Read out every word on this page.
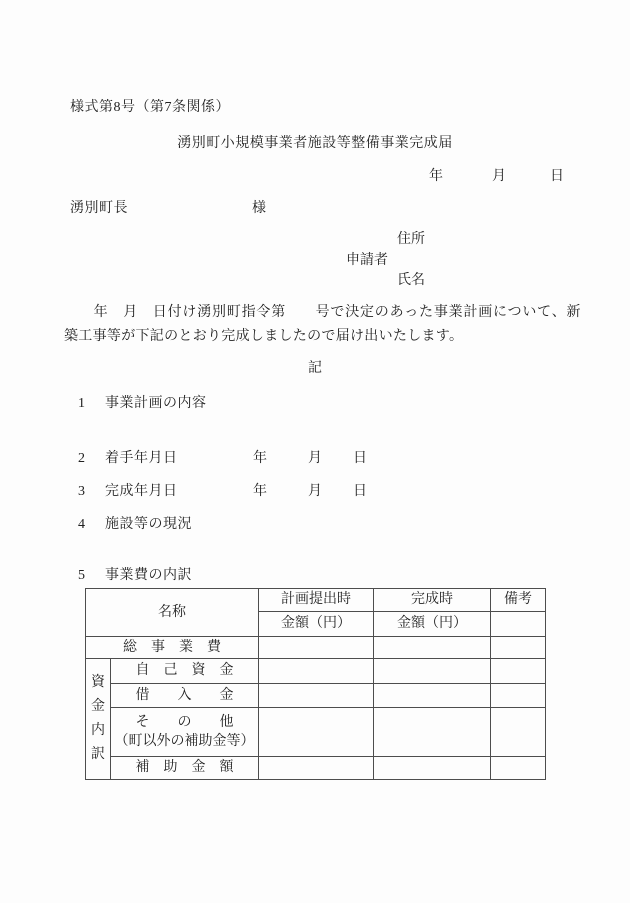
様式第8号（第7条関係）
湧別町小規模事業者施設等整備事業完成届
年	月	日
湧別町長	様
住所
申請者
氏名
　　年　月　日付け湧別町指令第　　号で決定のあった事業計画について、新
築工事等が下記のとおり完成しましたので届け出いたします。
記
1 事業計画の内容
2 着手年月日	年	月 日
3 完成年月日	年	月 日
4 施設等の現況
5 事業費の内訳
名称		計画提出時	完成時	備考
		金額（円）	金額（円）	
総　事　業　費				
資金内訳	自　己　資　金			
	借　　入　　金			

	そ　　の　　他
（町以外の補助金等）			

	補　助　金　額			
